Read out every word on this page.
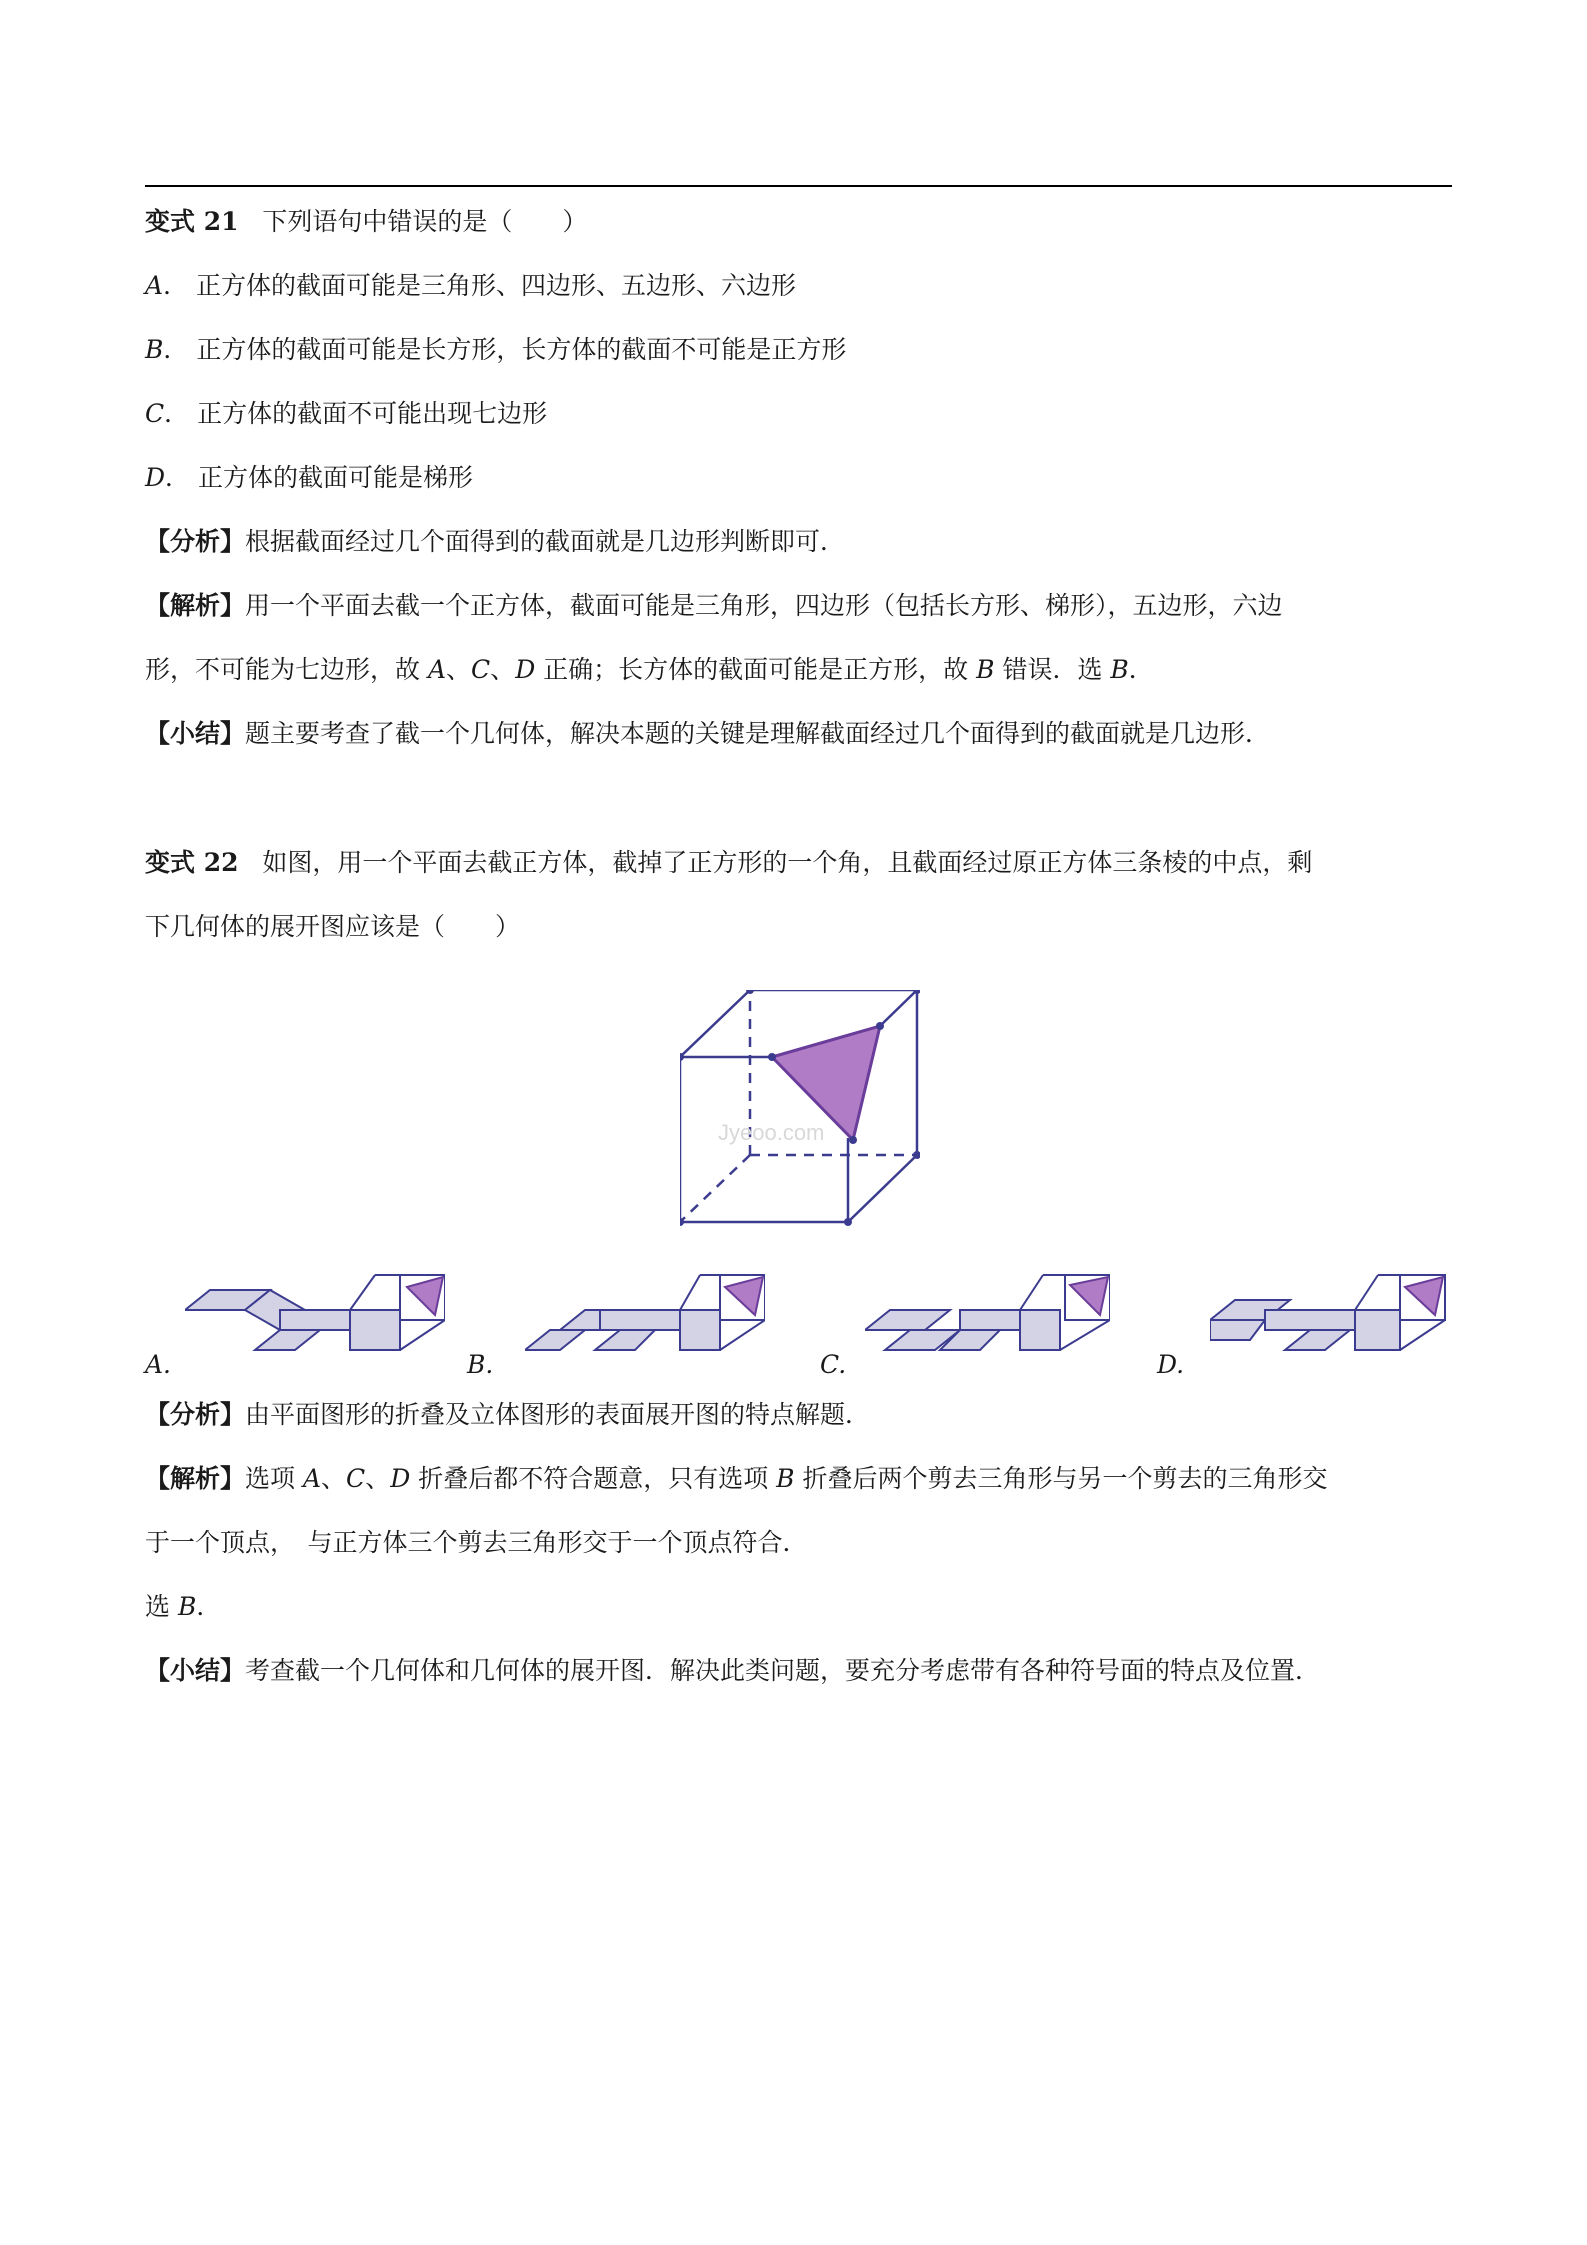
变式 21 下列语句中错误的是（　　）
A． 正方体的截面可能是三角形、四边形、五边形、六边形
B． 正方体的截面可能是长方形，长方体的截面不可能是正方形
C． 正方体的截面不可能出现七边形
D． 正方体的截面可能是梯形
【分析】根据截面经过几个面得到的截面就是几边形判断即可．
【解析】用一个平面去截一个正方体，截面可能是三角形，四边形（包括长方形、梯形），五边形，六边
形，不可能为七边形，故 A、C、D 正确；长方体的截面可能是正方形，故 B 错误．选 B．
【小结】题主要考查了截一个几何体，解决本题的关键是理解截面经过几个面得到的截面就是几边形．
变式 22 如图，用一个平面去截正方体，截掉了正方形的一个角，且截面经过原正方体三条棱的中点，剩
下几何体的展开图应该是（　　）
Jyeoo.com
A.	B.	C.	D.
【分析】由平面图形的折叠及立体图形的表面展开图的特点解题．
【解析】选项 A、C、D 折叠后都不符合题意，只有选项 B 折叠后两个剪去三角形与另一个剪去的三角形交
于一个顶点，　与正方体三个剪去三角形交于一个顶点符合．
选 B．
【小结】考查截一个几何体和几何体的展开图．解决此类问题，要充分考虑带有各种符号面的特点及位置．
